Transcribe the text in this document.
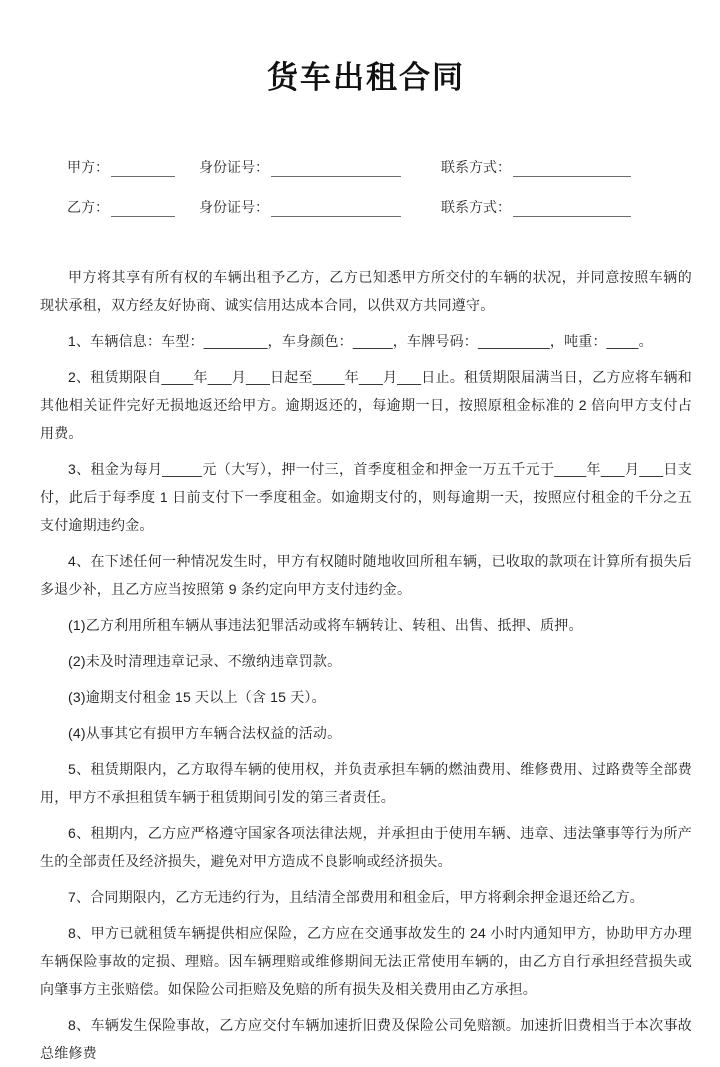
货车出租合同
甲方：	身份证号：	联系方式：
乙方：	身份证号：	联系方式：

甲方将其享有所有权的车辆出租予乙方，乙方已知悉甲方所交付的车辆的状况，并同意按照车辆的现状承租，双方经友好协商、诚实信用达成本合同，以供双方共同遵守。

1、车辆信息：车型：________，车身颜色：_____，车牌号码：_________，吨重：____。

2、租赁期限自____年___月___日起至____年___月___日止。租赁期限届满当日，乙方应将车辆和其他相关证件完好无损地返还给甲方。逾期返还的，每逾期一日，按照原租金标准的 2 倍向甲方支付占用费。

3、租金为每月_____元（大写），押一付三，首季度租金和押金一万五千元于____年___月___日支付，此后于每季度 1 日前支付下一季度租金。如逾期支付的，则每逾期一天，按照应付租金的千分之五支付逾期违约金。

4、在下述任何一种情况发生时，甲方有权随时随地收回所租车辆，已收取的款项在计算所有损失后多退少补，且乙方应当按照第 9 条约定向甲方支付违约金。

(1)乙方利用所租车辆从事违法犯罪活动或将车辆转让、转租、出售、抵押、质押。

(2)未及时清理违章记录、不缴纳违章罚款。

(3)逾期支付租金 15 天以上（含 15 天）。

(4)从事其它有损甲方车辆合法权益的活动。

5、租赁期限内，乙方取得车辆的使用权，并负责承担车辆的燃油费用、维修费用、过路费等全部费用，甲方不承担租赁车辆于租赁期间引发的第三者责任。

6、租期内，乙方应严格遵守国家各项法律法规，并承担由于使用车辆、违章、违法肇事等行为所产生的全部责任及经济损失，避免对甲方造成不良影响或经济损失。

7、合同期限内，乙方无违约行为，且结清全部费用和租金后，甲方将剩余押金退还给乙方。

8、甲方已就租赁车辆提供相应保险，乙方应在交通事故发生的 24 小时内通知甲方，协助甲方办理车辆保险事故的定损、理赔。因车辆理赔或维修期间无法正常使用车辆的，由乙方自行承担经营损失或向肇事方主张赔偿。如保险公司拒赔及免赔的所有损失及相关费用由乙方承担。

8、车辆发生保险事故，乙方应交付车辆加速折旧费及保险公司免赔额。加速折旧费相当于本次事故总维修费
